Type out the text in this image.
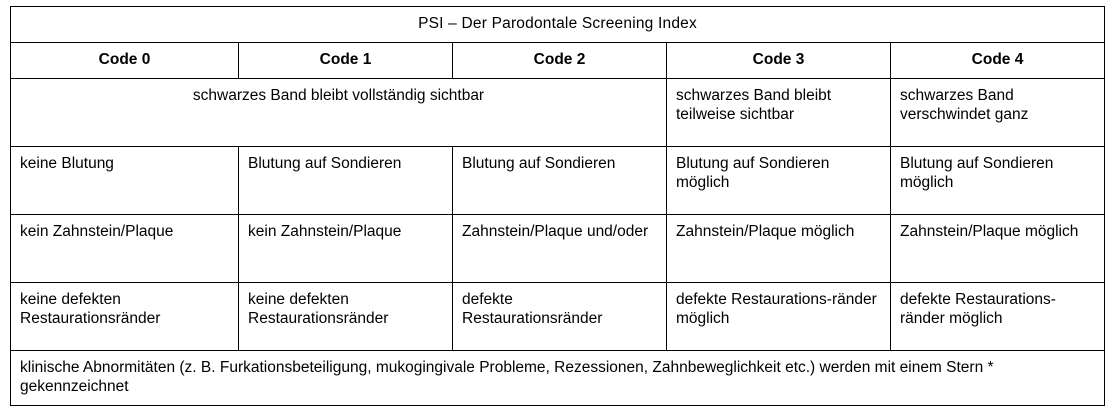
PSI – Der Parodontale Screening Index				
Code 0	Code 1	Code 2	Code 3	Code 4
schwarzes Band bleibt vollständig sichtbar			schwarzes Band bleibt teilweise sichtbar	schwarzes Band verschwindet ganz
keine Blutung	Blutung auf Sondieren	Blutung auf Sondieren	Blutung auf Sondieren möglich	Blutung auf Sondieren möglich
kein Zahnstein/Plaque	kein Zahnstein/Plaque	Zahnstein/Plaque und/oder	Zahnstein/Plaque möglich	Zahnstein/Plaque möglich
keine defekten Restaurationsränder	keine defekten Restaurationsränder	defekte Restaurationsränder	defekte Restaurations-ränder möglich	defekte Restaurations-ränder möglich
klinische Abnormitäten (z. B. Furkationsbeteiligung, mukogingivale Probleme, Rezessionen, Zahnbeweglichkeit etc.) werden mit einem Stern * gekennzeichnet				
